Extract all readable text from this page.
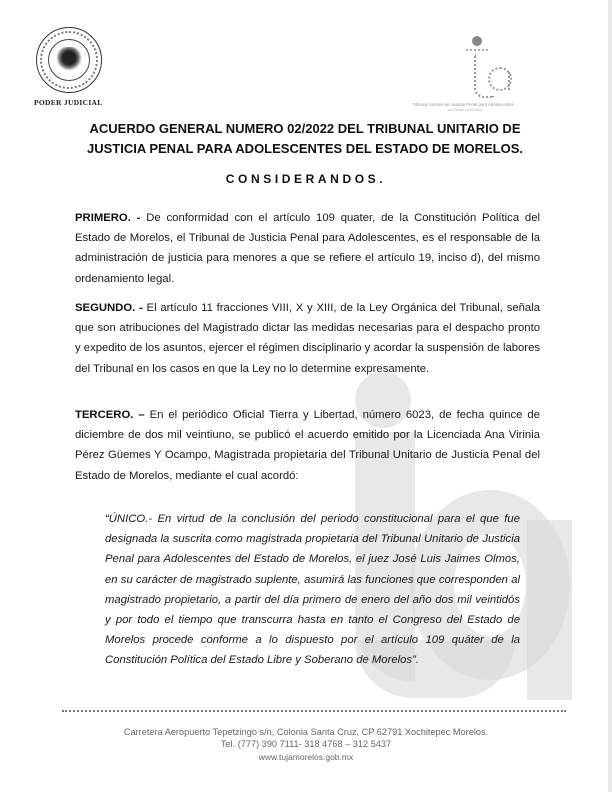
PODER JUDICIAL	Tribunal Unitario de Justicia Penal para Adolescentes
del Estado de Morelos
ACUERDO GENERAL NUMERO 02/2022 DEL TRIBUNAL UNITARIO DE
JUSTICIA PENAL PARA ADOLESCENTES DEL ESTADO DE MORELOS.
CONSIDERANDOS.
PRIMERO. - De conformidad con el artículo 109 quater, de la Constitución Política del Estado de Morelos, el Tribunal de Justicia Penal para Adolescentes, es el responsable de la administración de justicia para menores a que se refiere el artículo 19, inciso d), del mismo ordenamiento legal.
SEGUNDO. - El artículo 11 fracciones VIII, X y XIII, de la Ley Orgánica del Tribunal, señala que son atribuciones del Magistrado dictar las medidas necesarias para el despacho pronto y expedito de los asuntos, ejercer el régimen disciplinario y acordar la suspensión de labores del Tribunal en los casos en que la Ley no lo determine expresamente.
TERCERO. – En el periódico Oficial Tierra y Libertad, número 6023, de fecha quince de diciembre de dos mil veintiuno, se publicó el acuerdo emitido por la Licenciada Ana Virinia Pérez Güemes Y Ocampo, Magistrada propietaria del Tribunal Unitario de Justicia Penal del Estado de Morelos, mediante el cual acordó:
“ÚNICO.- En virtud de la conclusión del periodo constitucional para el que fue designada la suscrita como magistrada propietaria del Tribunal Unitario de Justicia Penal para Adolescentes del Estado de Morelos, el juez José Luis Jaimes Olmos, en su carácter de magistrado suplente, asumirá las funciones que corresponden al magistrado propietario, a partir del día primero de enero del año dos mil veintidós y por todo el tiempo que transcurra hasta en tanto el Congreso del Estado de Morelos procede conforme a lo dispuesto por el artículo 109 quáter de la Constitución Política del Estado Libre y Soberano de Morelos”.
Carretera Aeropuerto Tepetzingo s/n, Colonia Santa Cruz, CP 62791 Xochitepec Morelos.
Tel. (777) 390 7111- 318 4768 – 312 5437
www.tujamorelos.gob.mx
